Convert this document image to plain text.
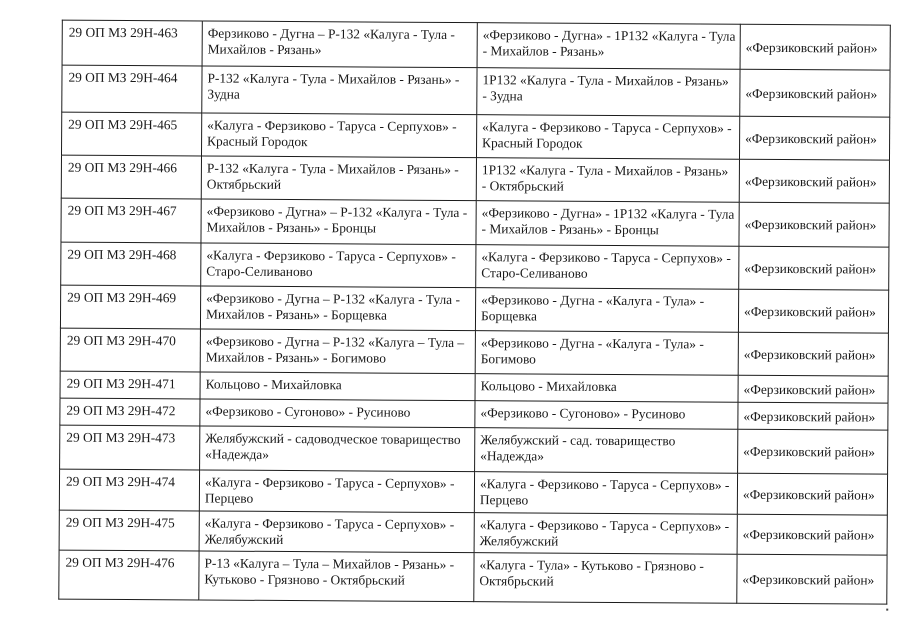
29 ОП МЗ 29Н-463	Ферзиково - Дугна – Р-132 «Калуга - Тула - Михайлов - Рязань»	«Ферзиково - Дугна» - 1Р132 «Калуга - Тула - Михайлов - Рязань»	«Ферзиковский район»
29 ОП МЗ 29Н-464	Р-132 «Калуга - Тула - Михайлов - Рязань» - Зудна	1Р132 «Калуга - Тула - Михайлов - Рязань» - Зудна	«Ферзиковский район»
29 ОП МЗ 29Н-465	«Калуга - Ферзиково - Таруса - Серпухов» - Красный Городок	«Калуга - Ферзиково - Таруса - Серпухов» - Красный Городок	«Ферзиковский район»
29 ОП МЗ 29Н-466	Р-132 «Калуга - Тула - Михайлов - Рязань» - Октябрьский	1Р132 «Калуга - Тула - Михайлов - Рязань» - Октябрьский	«Ферзиковский район»
29 ОП МЗ 29Н-467	«Ферзиково - Дугна» – Р-132 «Калуга - Тула - Михайлов - Рязань» - Бронцы	«Ферзиково - Дугна» - 1Р132 «Калуга - Тула - Михайлов - Рязань» - Бронцы	«Ферзиковский район»
29 ОП МЗ 29Н-468	«Калуга - Ферзиково - Таруса - Серпухов» - Старо-Селиваново	«Калуга - Ферзиково - Таруса - Серпухов» - Старо-Селиваново	«Ферзиковский район»
29 ОП МЗ 29Н-469	«Ферзиково - Дугна – Р-132 «Калуга - Тула - Михайлов - Рязань» - Борщевка	«Ферзиково - Дугна - «Калуга - Тула» - Борщевка	«Ферзиковский район»
29 ОП МЗ 29Н-470	«Ферзиково - Дугна – Р-132 «Калуга – Тула – Михайлов - Рязань» - Богимово	«Ферзиково - Дугна - «Калуга - Тула» - Богимово	«Ферзиковский район»
29 ОП МЗ 29Н-471	Кольцово - Михайловка	Кольцово - Михайловка	«Ферзиковский район»
29 ОП МЗ 29Н-472	«Ферзиково - Сугоново» - Русиново	«Ферзиково - Сугоново» - Русиново	«Ферзиковский район»
29 ОП МЗ 29Н-473	Желябужский - садоводческое товарищество «Надежда»	Желябужский - сад. товарищество «Надежда»	«Ферзиковский район»
29 ОП МЗ 29Н-474	«Калуга - Ферзиково - Таруса - Серпухов» - Перцево	«Калуга - Ферзиково - Таруса - Серпухов» - Перцево	«Ферзиковский район»
29 ОП МЗ 29Н-475	«Калуга - Ферзиково - Таруса - Серпухов» - Желябужский	«Калуга - Ферзиково - Таруса - Серпухов» - Желябужский	«Ферзиковский район»
29 ОП МЗ 29Н-476	Р-13 «Калуга – Тула – Михайлов - Рязань» - Кутьково - Грязново - Октябрьский	«Калуга - Тула» - Кутьково - Грязново - Октябрьский	«Ферзиковский район»
